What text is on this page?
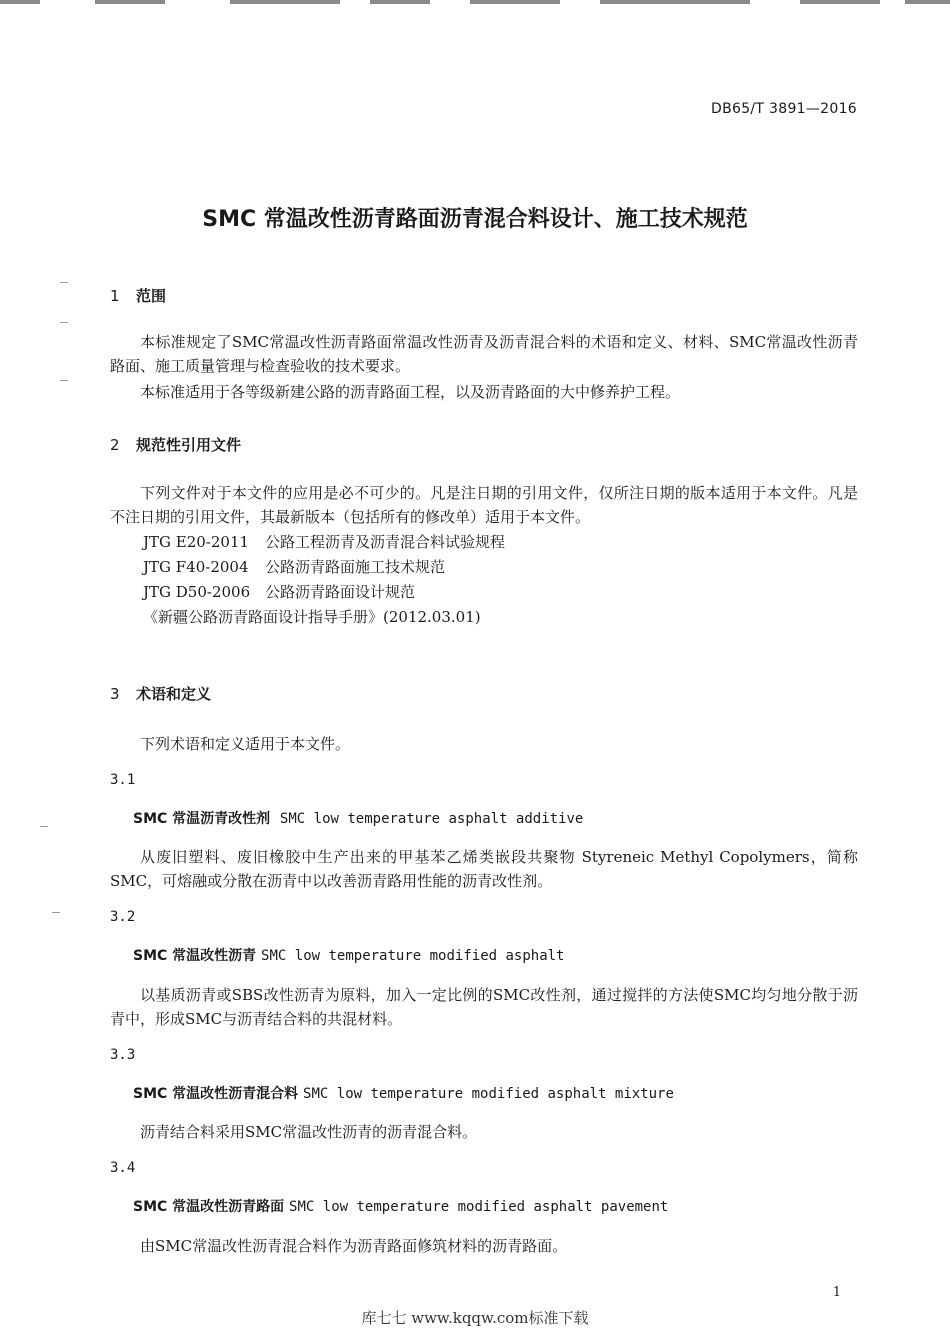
DB65/T 3891—2016
SMC 常温改性沥青路面沥青混合料设计、施工技术规范
1 范围
本标准规定了SMC常温改性沥青路面常温改性沥青及沥青混合料的术语和定义、材料、SMC常温改性沥青路面、施工质量管理与检查验收的技术要求。
本标准适用于各等级新建公路的沥青路面工程，以及沥青路面的大中修养护工程。
2 规范性引用文件
下列文件对于本文件的应用是必不可少的。凡是注日期的引用文件，仅所注日期的版本适用于本文件。凡是不注日期的引用文件，其最新版本（包括所有的修改单）适用于本文件。
JTG E20-2011 公路工程沥青及沥青混合料试验规程
JTG F40-2004 公路沥青路面施工技术规范
JTG D50-2006 公路沥青路面设计规范
《新疆公路沥青路面设计指导手册》(2012.03.01)
3 术语和定义
下列术语和定义适用于本文件。
3.1
SMC 常温沥青改性剂 SMC low temperature asphalt additive
从废旧塑料、废旧橡胶中生产出来的甲基苯乙烯类嵌段共聚物 Styreneic Methyl Copolymers，简称SMC，可熔融或分散在沥青中以改善沥青路用性能的沥青改性剂。
3.2
SMC 常温改性沥青 SMC low temperature modified asphalt
以基质沥青或SBS改性沥青为原料，加入一定比例的SMC改性剂，通过搅拌的方法使SMC均匀地分散于沥青中，形成SMC与沥青结合料的共混材料。
3.3
SMC 常温改性沥青混合料 SMC low temperature modified asphalt mixture
沥青结合料采用SMC常温改性沥青的沥青混合料。
3.4
SMC 常温改性沥青路面 SMC low temperature modified asphalt pavement
由SMC常温改性沥青混合料作为沥青路面修筑材料的沥青路面。
1
库七七 www.kqqw.com标准下载
